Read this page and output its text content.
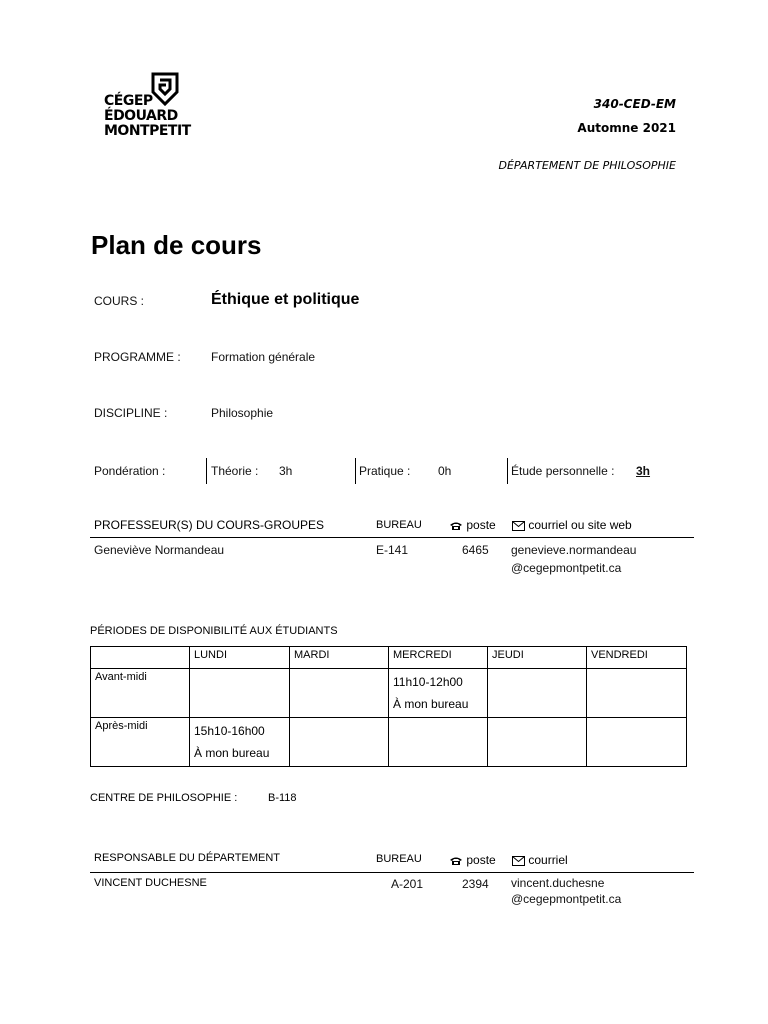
CÉGEP
ÉDOUARD
MONTPETIT
340-CED-EM
Automne 2021
DÉPARTEMENT DE PHILOSOPHIE
Plan de cours
COURS :	Éthique et politique
PROGRAMME :	Formation générale
DISCIPLINE :	Philosophie
Pondération :	Théorie : 3h	Pratique : 0h	Étude personnelle : 3h
PROFESSEUR(S) DU COURS-GROUPES	BUREAU	poste	courriel ou site web
Geneviève Normandeau	E-141	6465 genevieve.normandeau
@cegepmontpetit.ca
PÉRIODES DE DISPONIBILITÉ AUX ÉTUDIANTS
	LUNDI	MARDI	MERCREDI	JEUDI	VENDREDI
Avant-midi			11h10-12h00
À mon bureau		
Après-midi	15h10-16h00
À mon bureau				
CENTRE DE PHILOSOPHIE :	B-118
RESPONSABLE DU DÉPARTEMENT	BUREAU	poste	courriel
VINCENT DUCHESNE	A-201	2394 vincent.duchesne
@cegepmontpetit.ca
